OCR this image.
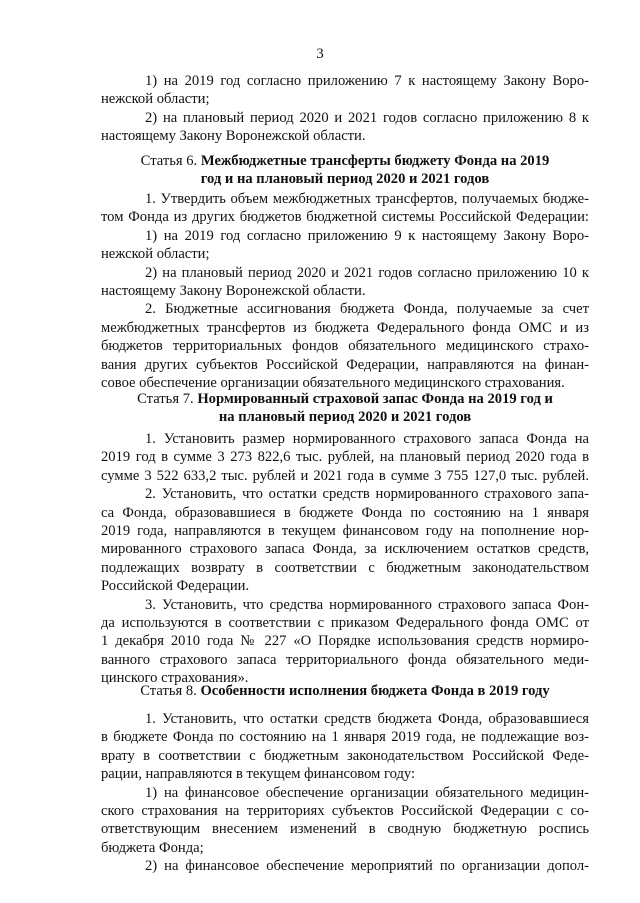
3
1) на 2019 год согласно приложению 7 к настоящему Закону Воро-
нежской области;
2) на плановый период 2020 и 2021 годов согласно приложению 8 к
настоящему Закону Воронежской области.
Статья 6. Межбюджетные трансферты бюджету Фонда на 2019
год и на плановый период 2020 и 2021 годов
1. Утвердить объем межбюджетных трансфертов, получаемых бюдже-
том Фонда из других бюджетов бюджетной системы Российской Федерации:
1) на 2019 год согласно приложению 9 к настоящему Закону Воро-
нежской области;
2) на плановый период 2020 и 2021 годов согласно приложению 10 к
настоящему Закону Воронежской области.
2. Бюджетные ассигнования бюджета Фонда, получаемые за счет
межбюджетных трансфертов из бюджета Федерального фонда ОМС и из
бюджетов территориальных фондов обязательного медицинского страхо-
вания других субъектов Российской Федерации, направляются на финан-
совое обеспечение организации обязательного медицинского страхования.
Статья 7. Нормированный страховой запас Фонда на 2019 год и
на плановый период 2020 и 2021 годов
1. Установить размер нормированного страхового запаса Фонда на
2019 год в сумме 3 273 822,6 тыс. рублей, на плановый период 2020 года в
сумме 3 522 633,2 тыс. рублей и 2021 года в сумме 3 755 127,0 тыс. рублей.
2. Установить, что остатки средств нормированного страхового запа-
са Фонда, образовавшиеся в бюджете Фонда по состоянию на 1 января
2019 года, направляются в текущем финансовом году на пополнение нор-
мированного страхового запаса Фонда, за исключением остатков средств,
подлежащих возврату в соответствии с бюджетным законодательством
Российской Федерации.
3. Установить, что средства нормированного страхового запаса Фон-
да используются в соответствии с приказом Федерального фонда ОМС от
1 декабря 2010 года № 227 «О Порядке использования средств нормиро-
ванного страхового запаса территориального фонда обязательного меди-
цинского страхования».
Статья 8. Особенности исполнения бюджета Фонда в 2019 году
1. Установить, что остатки средств бюджета Фонда, образовавшиеся
в бюджете Фонда по состоянию на 1 января 2019 года, не подлежащие воз-
врату в соответствии с бюджетным законодательством Российской Феде-
рации, направляются в текущем финансовом году:
1) на финансовое обеспечение организации обязательного медицин-
ского страхования на территориях субъектов Российской Федерации с со-
ответствующим внесением изменений в сводную бюджетную роспись
бюджета Фонда;
2) на финансовое обеспечение мероприятий по организации допол-
